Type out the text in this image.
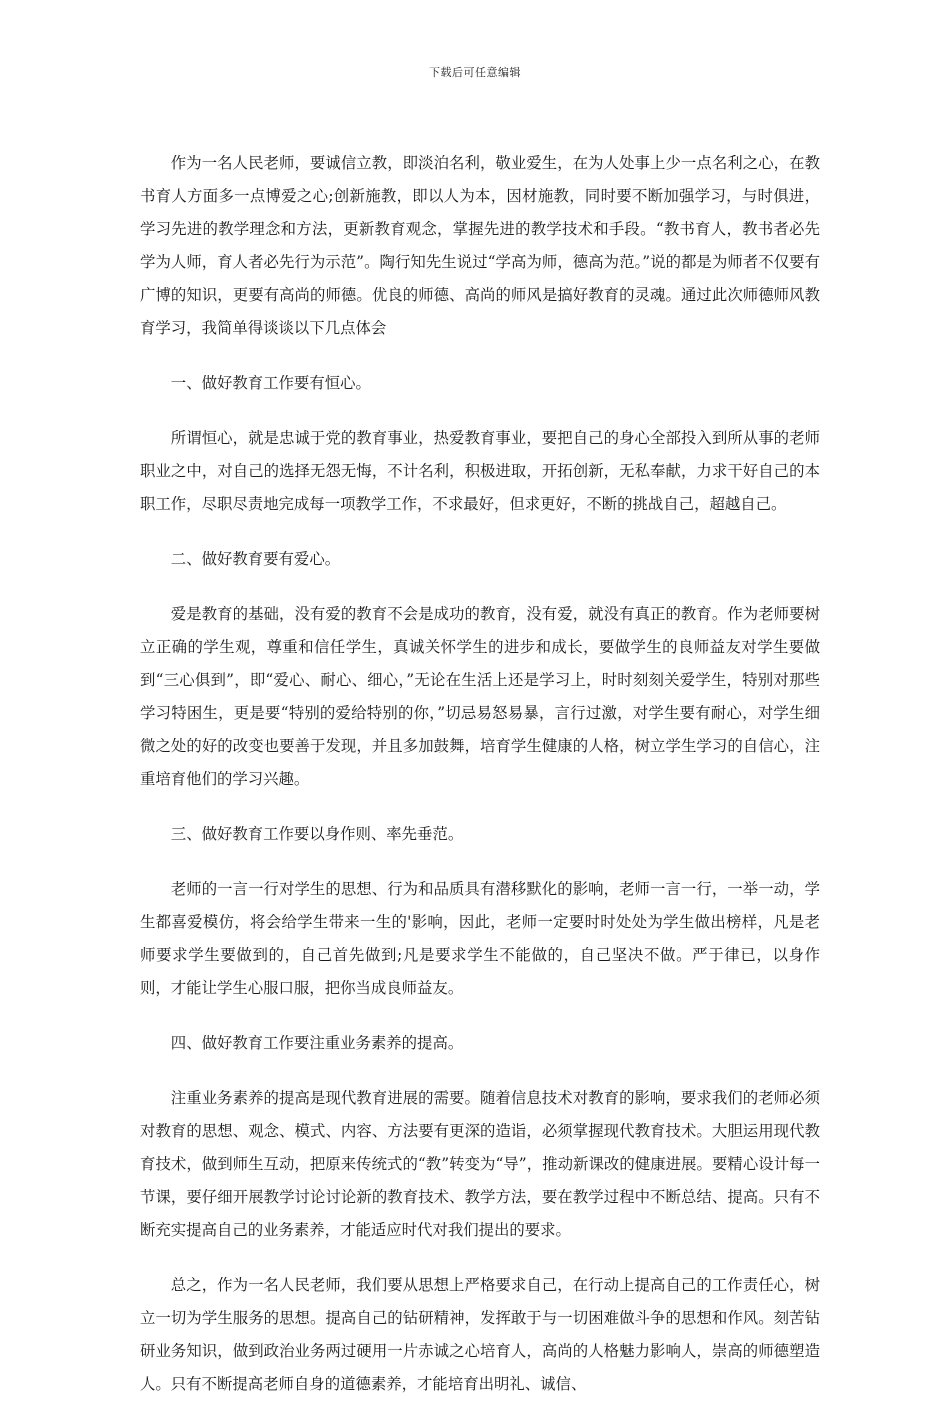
下载后可任意编辑

作为一名人民老师，要诚信立教，即淡泊名利，敬业爱生，在为人处事上少一点名利之心，在教书育人方面多一点博爱之心;创新施教，即以人为本，因材施教，同时要不断加强学习，与时俱进，学习先进的教学理念和方法，更新教育观念，掌握先进的教学技术和手段。“教书育人，教书者必先学为人师，育人者必先行为示范”。陶行知先生说过“学高为师，德高为范。”说的都是为师者不仅要有广博的知识，更要有高尚的师德。优良的师德、高尚的师风是搞好教育的灵魂。通过此次师德师风教育学习，我简单得谈谈以下几点体会

一、做好教育工作要有恒心。

所谓恒心，就是忠诚于党的教育事业，热爱教育事业，要把自己的身心全部投入到所从事的老师职业之中，对自己的选择无怨无悔，不计名利，积极进取，开拓创新，无私奉献，力求干好自己的本职工作，尽职尽责地完成每一项教学工作，不求最好，但求更好，不断的挑战自己，超越自己。

二、做好教育要有爱心。

爱是教育的基础，没有爱的教育不会是成功的教育，没有爱，就没有真正的教育。作为老师要树立正确的学生观，尊重和信任学生，真诚关怀学生的进步和成长，要做学生的良师益友对学生要做到“三心俱到”，即“爱心、耐心、细心，”无论在生活上还是学习上，时时刻刻关爱学生，特别对那些学习特困生，更是要“特别的爱给特别的你，”切忌易怒易暴，言行过激，对学生要有耐心，对学生细微之处的好的改变也要善于发现，并且多加鼓舞，培育学生健康的人格，树立学生学习的自信心，注重培育他们的学习兴趣。

三、做好教育工作要以身作则、率先垂范。

老师的一言一行对学生的思想、行为和品质具有潜移默化的影响，老师一言一行，一举一动，学生都喜爱模仿，将会给学生带来一生的'影响，因此，老师一定要时时处处为学生做出榜样，凡是老师要求学生要做到的，自己首先做到;凡是要求学生不能做的，自己坚决不做。严于律已，以身作则，才能让学生心服口服，把你当成良师益友。

四、做好教育工作要注重业务素养的提高。

注重业务素养的提高是现代教育进展的需要。随着信息技术对教育的影响，要求我们的老师必须对教育的思想、观念、模式、内容、方法要有更深的造诣，必须掌握现代教育技术。大胆运用现代教育技术，做到师生互动，把原来传统式的“教”转变为“导”，推动新课改的健康进展。要精心设计每一节课，要仔细开展教学讨论讨论新的教育技术、教学方法，要在教学过程中不断总结、提高。只有不断充实提高自己的业务素养，才能适应时代对我们提出的要求。

总之，作为一名人民老师，我们要从思想上严格要求自己，在行动上提高自己的工作责任心，树立一切为学生服务的思想。提高自己的钻研精神，发挥敢于与一切困难做斗争的思想和作风。刻苦钻研业务知识，做到政治业务两过硬用一片赤诚之心培育人，高尚的人格魅力影响人，崇高的师德塑造人。只有不断提高老师自身的道德素养，才能培育出明礼、诚信、
